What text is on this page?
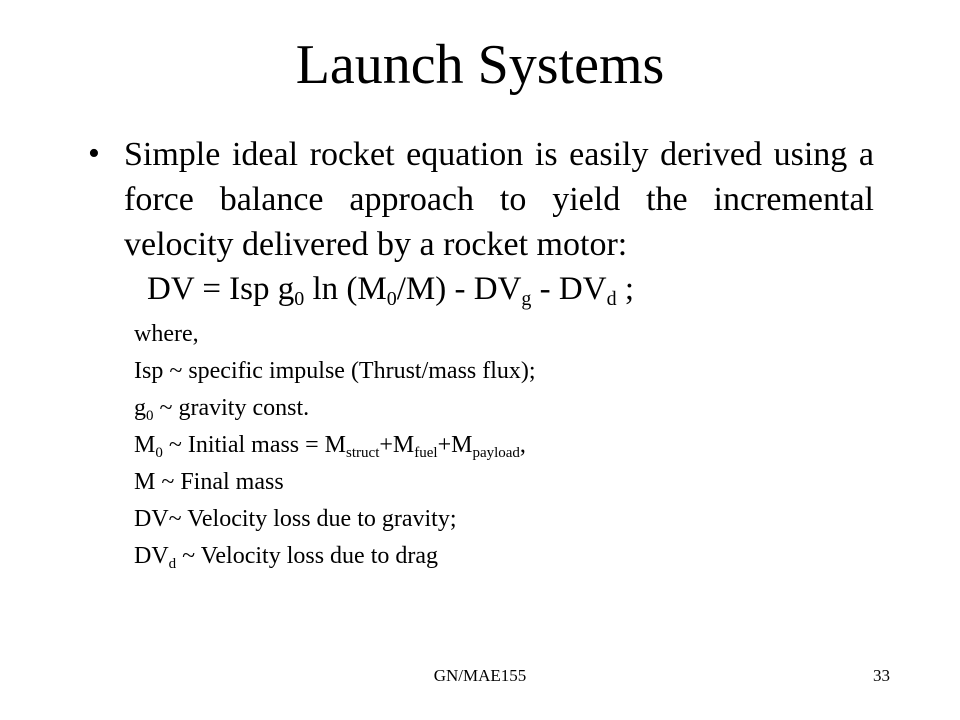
Launch Systems
• Simple ideal rocket equation is easily derived using a force balance approach to yield the incremental velocity delivered by a rocket motor:
DV = Isp $g_0$ $\ln (M_0/M) - DV_g - DV_d$ ;
where,
Isp ~ specific impulse (Thrust/mass flux);
$g_0$ ~ gravity const.
$M_0$ ~ Initial mass = $M_{struct}+M_{fuel}+M_{payload}$,
M ~ Final mass
DV~ Velocity loss due to gravity;
$DV_d$ ~ Velocity loss due to drag
GN/MAE155	33
